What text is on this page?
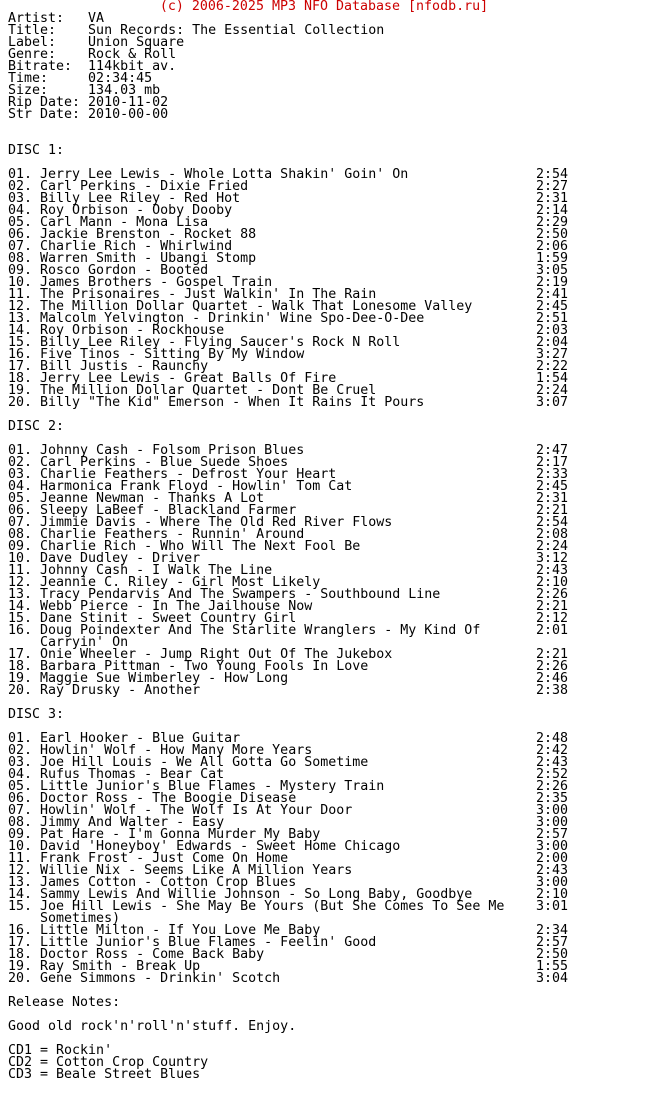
(c) 2006-2025 MP3 NFO Database [nfodb.ru]
Artist:   VA
Title:    Sun Records: The Essential Collection
Label:    Union Square
Genre:    Rock & Roll
Bitrate:  114kbit av.
Time:     02:34:45
Size:     134.03 mb
Rip Date: 2010-11-02
Str Date: 2010-00-00
DISC 1:
01. Jerry Lee Lewis - Whole Lotta Shakin' Goin' On	2:54
02. Carl Perkins - Dixie Fried	2:27
03. Billy Lee Riley - Red Hot	2:31
04. Roy Orbison - Ooby Dooby	2:14
05. Carl Mann - Mona Lisa	2:29
06. Jackie Brenston - Rocket 88	2:50
07. Charlie Rich - Whirlwind	2:06
08. Warren Smith - Ubangi Stomp	1:59
09. Rosco Gordon - Booted	3:05
10. James Brothers - Gospel Train	2:19
11. The Prisonaires - Just Walkin' In The Rain	2:41
12. The Million Dollar Quartet - Walk That Lonesome Valley	2:45
13. Malcolm Yelvington - Drinkin' Wine Spo-Dee-O-Dee	2:51
14. Roy Orbison - Rockhouse	2:03
15. Billy Lee Riley - Flying Saucer's Rock N Roll	2:04
16. Five Tinos - Sitting By My Window	3:27
17. Bill Justis - Raunchy	2:22
18. Jerry Lee Lewis - Great Balls Of Fire	1:54
19. The Million Dollar Quartet - Dont Be Cruel	2:24
20. Billy "The Kid" Emerson - When It Rains It Pours	3:07
DISC 2:
01. Johnny Cash - Folsom Prison Blues	2:47
02. Carl Perkins - Blue Suede Shoes	2:17
03. Charlie Feathers - Defrost Your Heart	2:33
04. Harmonica Frank Floyd - Howlin' Tom Cat	2:45
05. Jeanne Newman - Thanks A Lot	2:31
06. Sleepy LaBeef - Blackland Farmer	2:21
07. Jimmie Davis - Where The Old Red River Flows	2:54
08. Charlie Feathers - Runnin' Around	2:08
09. Charlie Rich - Who Will The Next Fool Be	2:24
10. Dave Dudley - Driver	3:12
11. Johnny Cash - I Walk The Line	2:43
12. Jeannie C. Riley - Girl Most Likely	2:10
13. Tracy Pendarvis And The Swampers - Southbound Line	2:26
14. Webb Pierce - In The Jailhouse Now	2:21
15. Dane Stinit - Sweet Country Girl	2:12
16. Doug Poindexter And The Starlite Wranglers - My Kind Of	2:01
Carryin' On
17. Onie Wheeler - Jump Right Out Of The Jukebox	2:21
18. Barbara Pittman - Two Young Fools In Love	2:26
19. Maggie Sue Wimberley - How Long	2:46
20. Ray Drusky - Another	2:38
DISC 3:
01. Earl Hooker - Blue Guitar	2:48
02. Howlin' Wolf - How Many More Years	2:42
03. Joe Hill Louis - We All Gotta Go Sometime	2:43
04. Rufus Thomas - Bear Cat	2:52
05. Little Junior's Blue Flames - Mystery Train	2:26
06. Doctor Ross - The Boogie Disease	2:35
07. Howlin' Wolf - The Wolf Is At Your Door	3:00
08. Jimmy And Walter - Easy	3:00
09. Pat Hare - I'm Gonna Murder My Baby	2:57
10. David 'Honeyboy' Edwards - Sweet Home Chicago	3:00
11. Frank Frost - Just Come On Home	2:00
12. Willie Nix - Seems Like A Million Years	2:43
13. James Cotton - Cotton Crop Blues	3:00
14. Sammy Lewis And Willie Johnson - So Long Baby, Goodbye	2:10
15. Joe Hill Lewis - She May Be Yours (But She Comes To See Me 3:01
Sometimes)
16. Little Milton - If You Love Me Baby	2:34
17. Little Junior's Blue Flames - Feelin' Good	2:57
18. Doctor Ross - Come Back Baby	2:50
19. Ray Smith - Break Up	1:55
20. Gene Simmons - Drinkin' Scotch	3:04
Release Notes:
Good old rock'n'roll'n'stuff. Enjoy.
CD1 = Rockin'
CD2 = Cotton Crop Country
CD3 = Beale Street Blues
